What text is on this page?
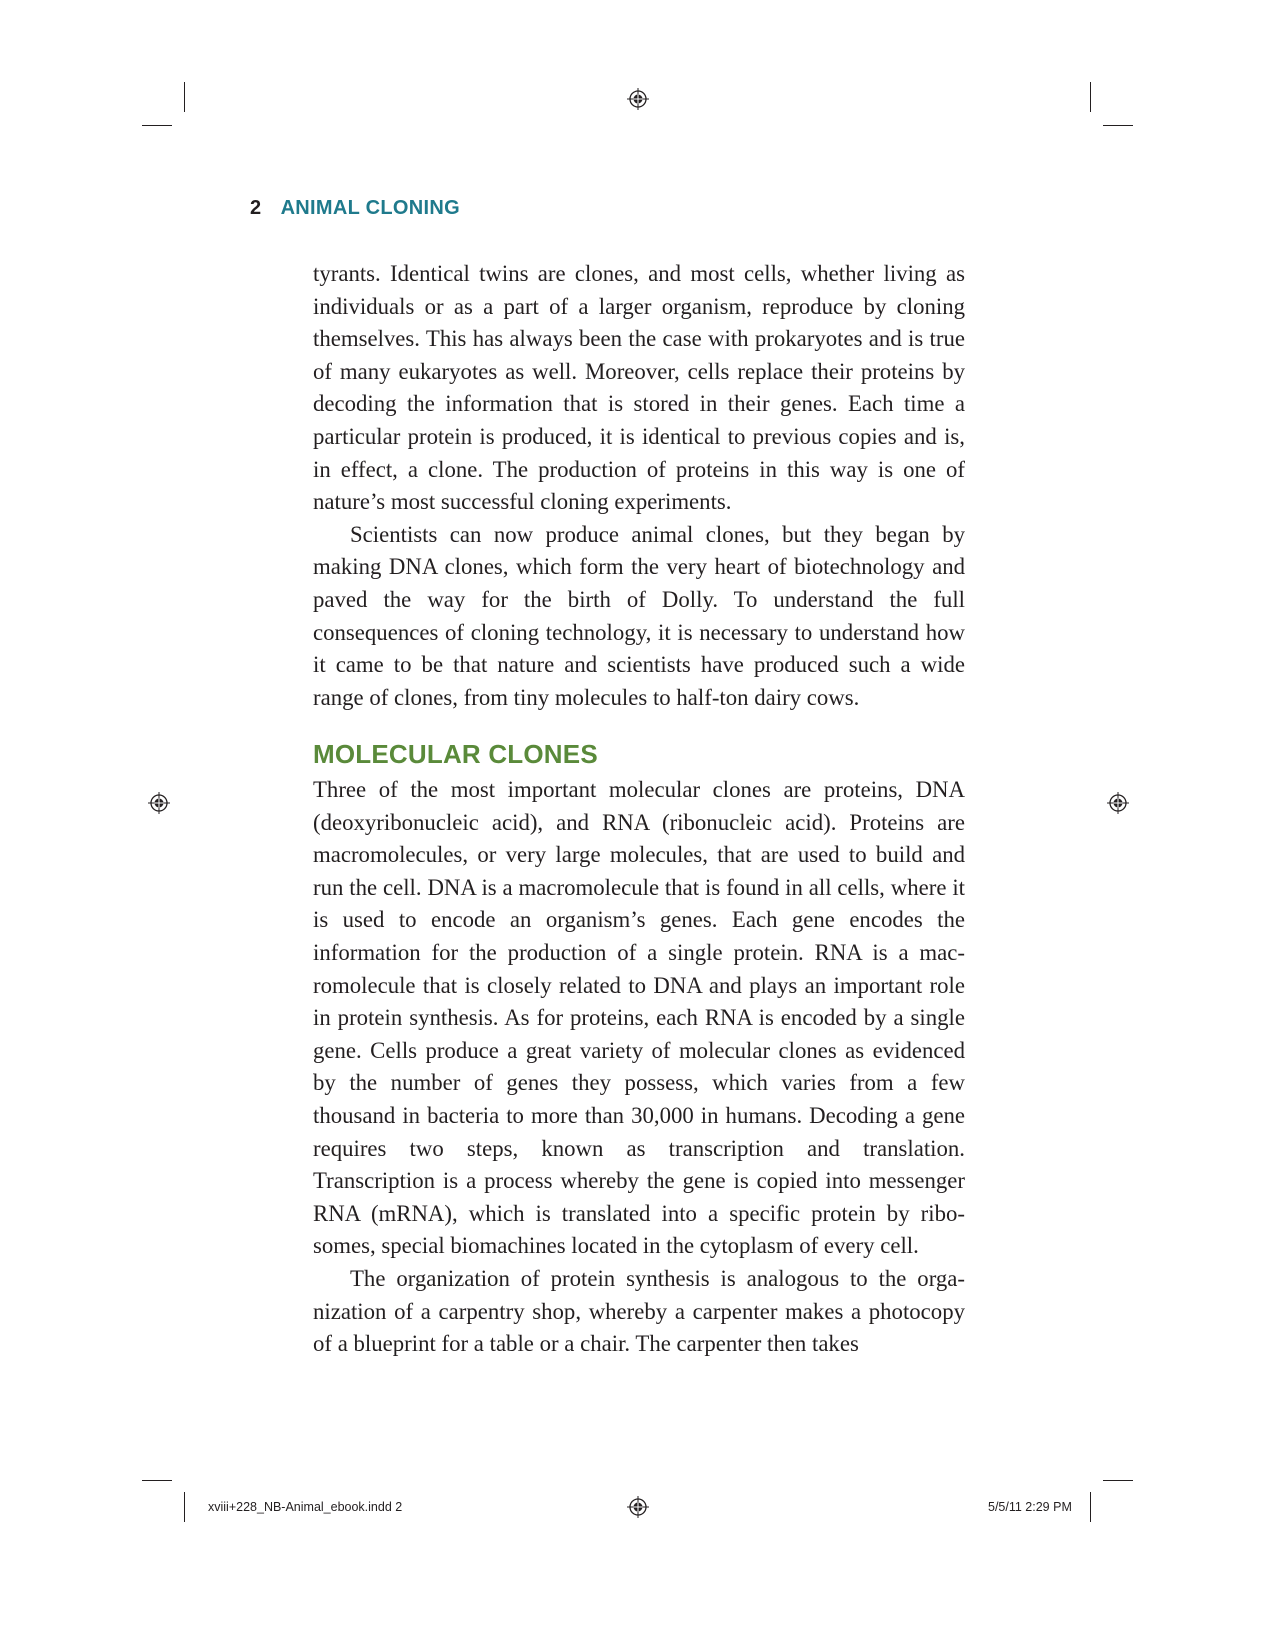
2 ANIMAL CLONING

tyrants. Identical twins are clones, and most cells, whether living as individuals or as a part of a larger organism, reproduce by cloning themselves. This has always been the case with prokaryotes and is true of many eukaryotes as well. Moreover, cells replace their proteins by decoding the information that is stored in their genes. Each time a particular protein is produced, it is identical to previous copies and is, in effect, a clone. The production of proteins in this way is one of nature’s most successful cloning experiments.

Scientists can now produce animal clones, but they began by making DNA clones, which form the very heart of biotechnology and paved the way for the birth of Dolly. To understand the full consequences of cloning technology, it is necessary to understand how it came to be that nature and scientists have produced such a wide range of clones, from tiny molecules to half-ton dairy cows.

MOLECULAR CLONES

Three of the most important molecular clones are proteins, DNA (deoxyribonucleic acid), and RNA (ribonucleic acid). Proteins are macromolecules, or very large molecules, that are used to build and run the cell. DNA is a macromolecule that is found in all cells, where it is used to encode an organism’s genes. Each gene encodes the information for the production of a single protein. RNA is a macromolecule that is closely related to DNA and plays an important role in protein synthesis. As for proteins, each RNA is encoded by a single gene. Cells produce a great variety of molecular clones as evidenced by the number of genes they possess, which varies from a few thousand in bacteria to more than 30,000 in humans. Decoding a gene requires two steps, known as transcription and translation. Transcription is a process whereby the gene is copied into messenger RNA (mRNA), which is translated into a specific protein by ribosomes, special biomachines located in the cytoplasm of every cell.

The organization of protein synthesis is analogous to the organization of a carpentry shop, whereby a carpenter makes a photocopy of a blueprint for a table or a chair. The carpenter then takes

xviii+228_NB-Animal_ebook.indd 2	5/5/11 2:29 PM
